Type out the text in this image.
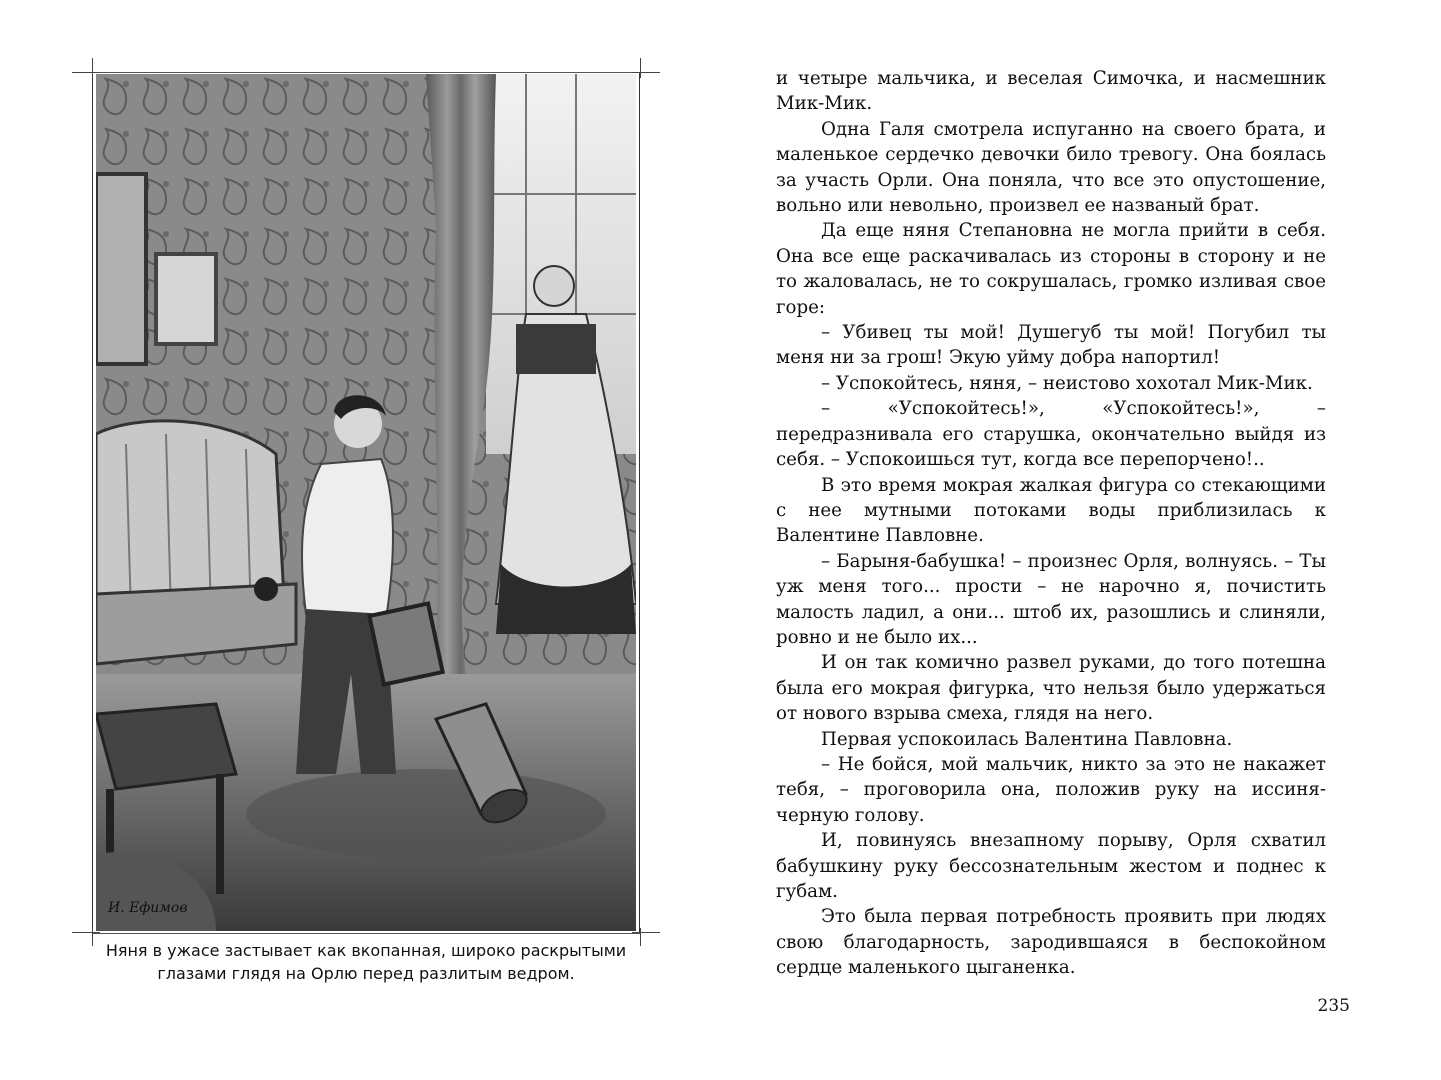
И. Ефимов
Няня в ужасе застывает как вкопанная, широко раскрытыми
глазами глядя на Орлю перед разлитым ведром.

и четыре мальчика, и веселая Симочка, и насмешник Мик-Мик.

Одна Галя смотрела испуганно на своего брата, и маленькое сердечко девочки било тревогу. Она боялась за участь Орли. Она поняла, что все это опустошение, вольно или невольно, произвел ее названый брат.

Да еще няня Степановна не могла прийти в себя. Она все еще раскачивалась из стороны в сторону и не то жаловалась, не то сокрушалась, громко изливая свое горе:

– Убивец ты мой! Душегуб ты мой! Погубил ты меня ни за грош! Экую уйму добра напортил!

– Успокойтесь, няня, – неистово хохотал Мик-Мик.

– «Успокойтесь!», «Успокойтесь!», – передразнивала его старушка, окончательно выйдя из себя. – Успокоишься тут, когда все перепорчено!..

В это время мокрая жалкая фигура со стекающими с нее мутными потоками воды приблизилась к Валентине Павловне.

– Барыня-бабушка! – произнес Орля, волнуясь. – Ты уж меня того... прости – не нарочно я, почистить малость ладил, а они... штоб их, разошлись и слиняли, ровно и не было их...

И он так комично развел руками, до того потешна была его мокрая фигурка, что нельзя было удержаться от нового взрыва смеха, глядя на него.

Первая успокоилась Валентина Павловна.

– Не бойся, мой мальчик, никто за это не накажет тебя, – проговорила она, положив руку на иссиня-черную голову.

И, повинуясь внезапному порыву, Орля схватил бабушкину руку бессознательным жестом и поднес к губам.

Это была первая потребность проявить при людях свою благодарность, зародившаяся в беспокойном сердце маленького цыганенка.

235
